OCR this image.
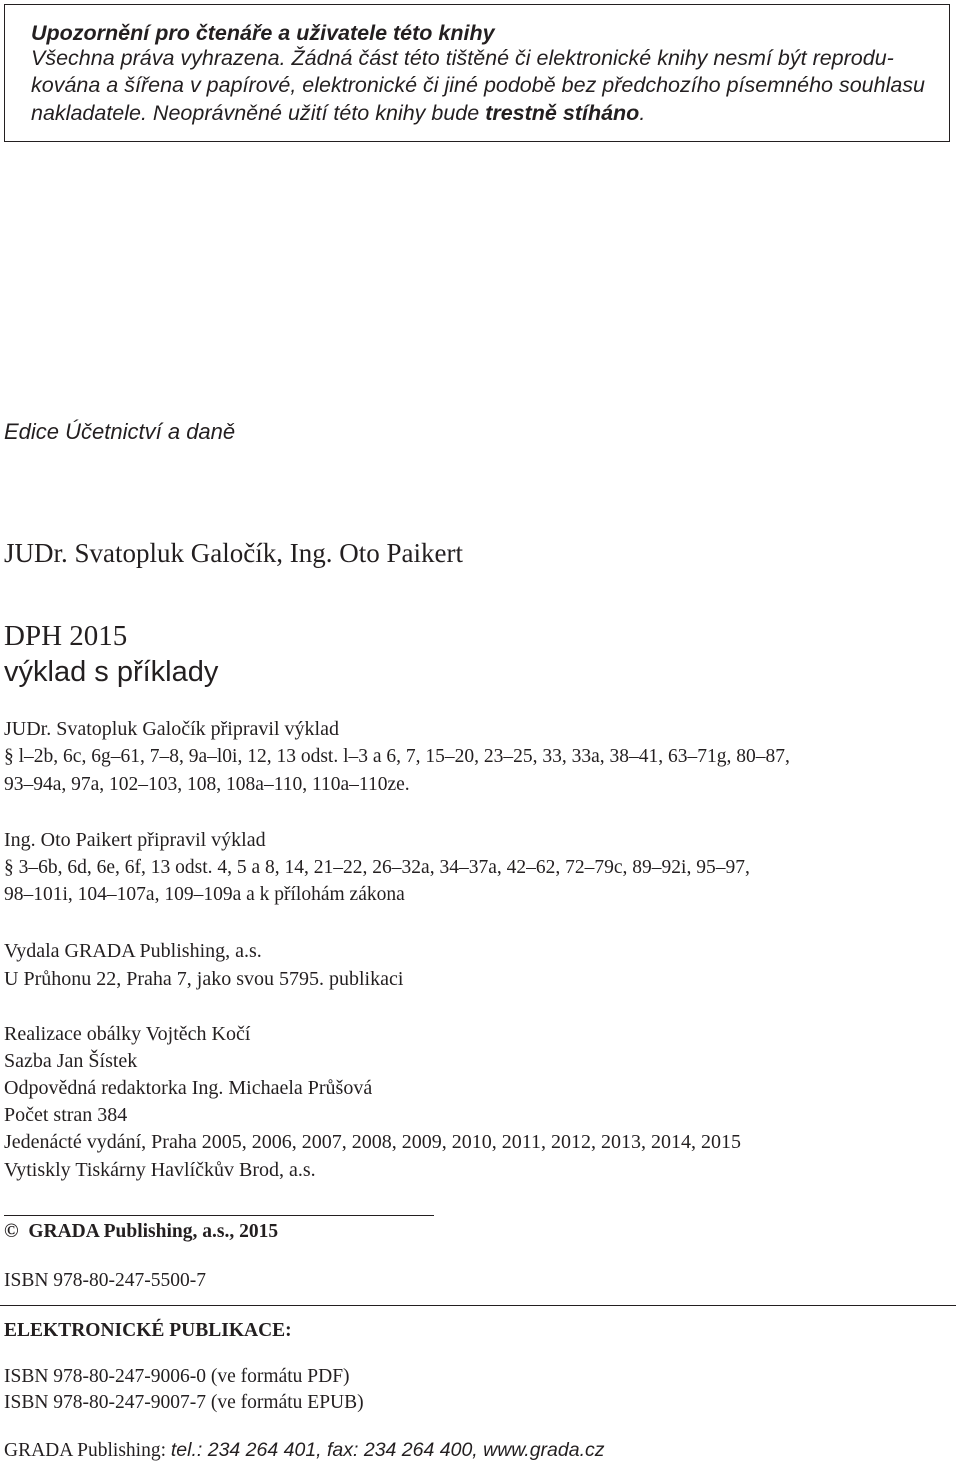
Upozornění pro čtenáře a uživatele této knihy
Všechna práva vyhrazena. Žádná část této tištěné či elektronické knihy nesmí být reprodu-
kována a šířena v papírové, elektronické či jiné podobě bez předchozího písemného souhlasu
nakladatele. Neoprávněné užití této knihy bude trestně stíháno.
Edice Účetnictví a daně
JUDr. Svatopluk Galočík, Ing. Oto Paikert
DPH 2015
výklad s příklady
JUDr. Svatopluk Galočík připravil výklad
§ l–2b, 6c, 6g–61, 7–8, 9a–l0i, 12, 13 odst. l–3 a 6, 7, 15–20, 23–25, 33, 33a, 38–41, 63–71g, 80–87,
93–94a, 97a, 102–103, 108, 108a–110, 110a–110ze.
Ing. Oto Paikert připravil výklad
§ 3–6b, 6d, 6e, 6f, 13 odst. 4, 5 a 8, 14, 21–22, 26–32a, 34–37a, 42–62, 72–79c, 89–92i, 95–97,
98–101i, 104–107a, 109–109a a k přílohám zákona
Vydala GRADA Publishing, a.s.
U Průhonu 22, Praha 7, jako svou 5795. publikaci
Realizace obálky Vojtěch Kočí
Sazba Jan Šístek
Odpovědná redaktorka Ing. Michaela Průšová
Počet stran 384
Jedenácté vydání, Praha 2005, 2006, 2007, 2008, 2009, 2010, 2011, 2012, 2013, 2014, 2015
Vytiskly Tiskárny Havlíčkův Brod, a.s.
© GRADA Publishing, a.s., 2015
ISBN 978-80-247-5500-7
ELEKTRONICKÉ PUBLIKACE:
ISBN 978-80-247-9006-0 (ve formátu PDF)
ISBN 978-80-247-9007-7 (ve formátu EPUB)
GRADA Publishing: tel.: 234 264 401, fax: 234 264 400, www.grada.cz
